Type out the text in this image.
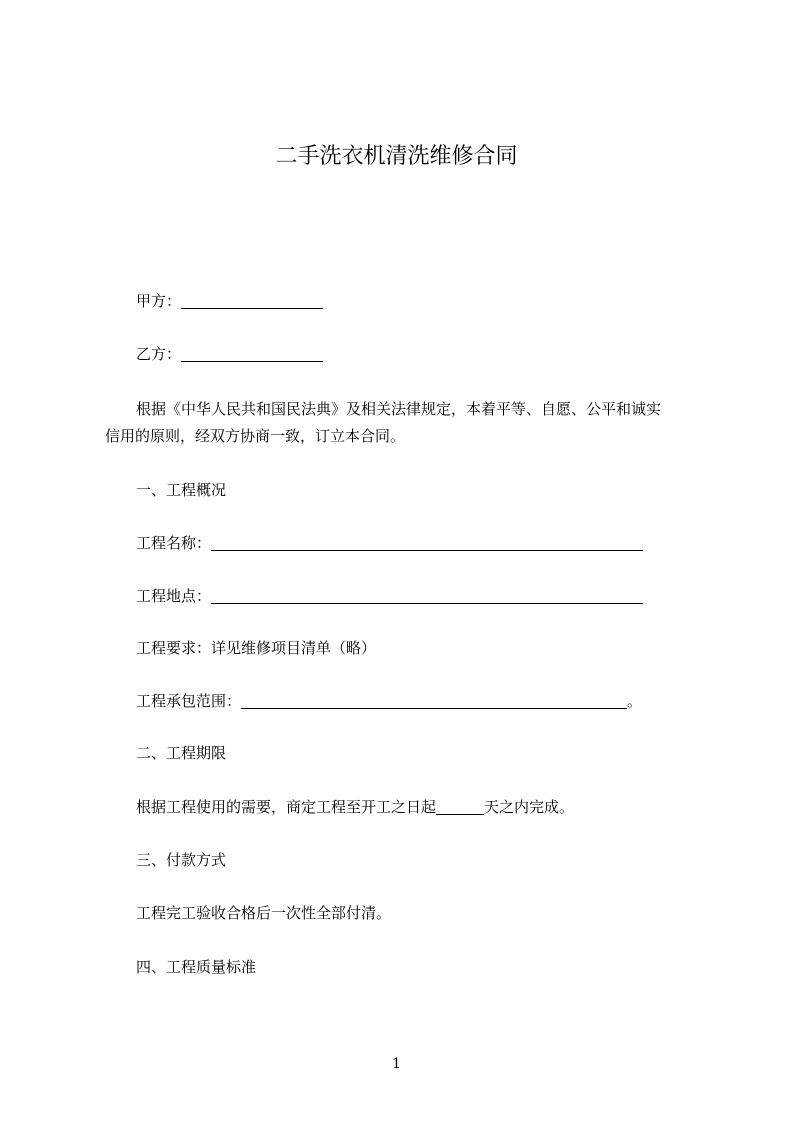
二手洗衣机清洗维修合同
甲方：
乙方：
根据《中华人民共和国民法典》及相关法律规定，本着平等、自愿、公平和诚实
信用的原则，经双方协商一致，订立本合同。
一、工程概况
工程名称：
工程地点：
工程要求：详见维修项目清单（略）
工程承包范围：	。
二、工程期限
根据工程使用的需要，商定工程至开工之日起	天之内完成。
三、付款方式
工程完工验收合格后一次性全部付清。
四、工程质量标准
1
